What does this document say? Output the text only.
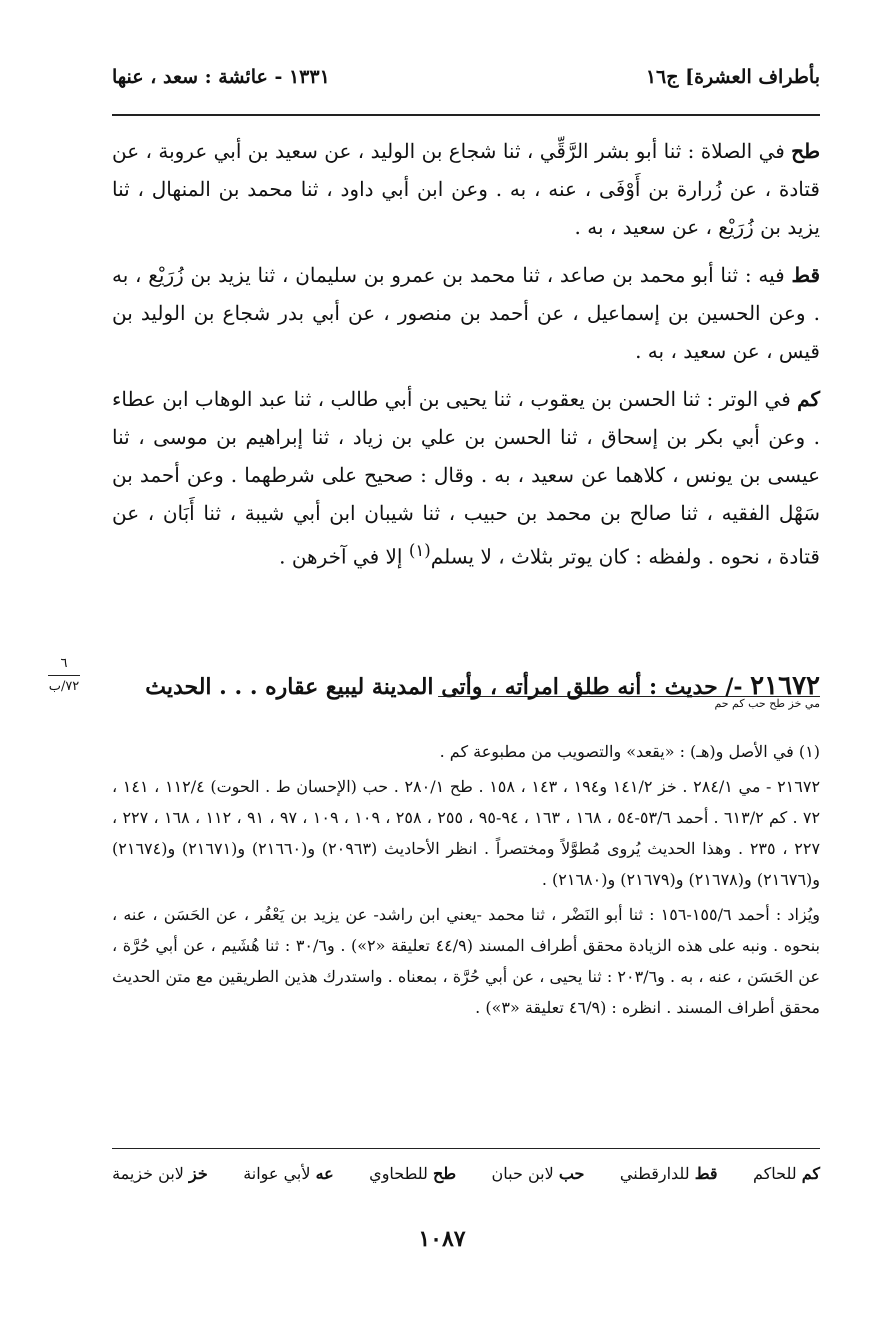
بأطراف العشرة] ج١٦
١٣٣١ - عائشة : سعد ، عنها

طح في الصلاة : ثنا أبو بشر الرَّقِّي ، ثنا شجاع بن الوليد ، عن سعيد بن أبي عروبة ، عن قتادة ، عن زُرارة بن أَوْفَى ، عنه ، به . وعن ابن أبي داود ، ثنا محمد بن المنهال ، ثنا يزيد بن زُرَيْع ، عن سعيد ، به .

قط فيه : ثنا أبو محمد بن صاعد ، ثنا محمد بن عمرو بن سليمان ، ثنا يزيد بن زُرَيْع ، به . وعن الحسين بن إسماعيل ، عن أحمد بن منصور ، عن أبي بدر شجاع بن الوليد بن قيس ، عن سعيد ، به .

كم في الوتر : ثنا الحسن بن يعقوب ، ثنا يحيى بن أبي طالب ، ثنا عبد الوهاب ابن عطاء . وعن أبي بكر بن إسحاق ، ثنا الحسن بن علي بن زياد ، ثنا إبراهيم بن موسى ، ثنا عيسى بن يونس ، كلاهما عن سعيد ، به . وقال : صحيح على شرطهما . وعن أحمد بن سَهْل الفقيه ، ثنا صالح بن محمد بن حبيب ، ثنا شيبان ابن أبي شيبة ، ثنا أَبَان ، عن قتادة ، نحوه . ولفظه : كان يوتر بثلاث ، لا يسلم$^{(١)}$ إلا في آخرهن .

٦
٧٢/ب	٢١٦٧٢ -/ حديث : أنه طلق امرأته ، وأتى المدينة ليبيع عقاره . . . الحديث
مي خز طح حب كم حم

(١) في الأصل و(هـ) : «يقعد» والتصويب من مطبوعة كم .

٢١٦٧٢ - مي ٢٨٤/١ . خز ١٤١/٢ و١٩٤ ، ١٤٣ ، ١٥٨ . طح ٢٨٠/١ . حب (الإحسان ط . الحوت) ١١٢/٤ ، ١٤١ ، ٧٢ . كم ٦١٣/٢ . أحمد ٥٣/٦-٥٤ ، ١٦٨ ، ١٦٣ ، ٩٤-٩٥ ، ٢٥٥ ، ٢٥٨ ، ١٠٩ ، ١٠٩ ، ٩٧ ، ٩١ ، ١١٢ ، ١٦٨ ، ٢٢٧ ، ٢٢٧ ، ٢٣٥ . وهذا الحديث يُروى مُطوَّلاً ومختصراً . انظر الأحاديث (٢٠٩٦٣) و(٢١٦٦٠) و(٢١٦٧١) و(٢١٦٧٤) و(٢١٦٧٦) و(٢١٦٧٨) و(٢١٦٧٩) و(٢١٦٨٠) .

ويُزاد : أحمد ١٥٥/٦-١٥٦ : ثنا أبو النَضْر ، ثنا محمد -يعني ابن راشد- عن يزيد بن يَعْفُر ، عن الحَسَن ، عنه ، بنحوه . ونبه على هذه الزيادة محقق أطراف المسند (٤٤/٩ تعليقة «٢») . و٣٠/٦ : ثنا هُشَيم ، عن أبي حُرَّة ، عن الحَسَن ، عنه ، به . و٢٠٣/٦ : ثنا يحيى ، عن أبي حُرَّة ، بمعناه . واستدرك هذين الطريقين مع متن الحديث محقق أطراف المسند . انظره : (٤٦/٩ تعليقة «٣») .

خز لابن خزيمة	عه لأبي عوانة	طح للطحاوي	حب لابن حبان	قط للدارقطني	كم للحاكم
١٠٨٧
